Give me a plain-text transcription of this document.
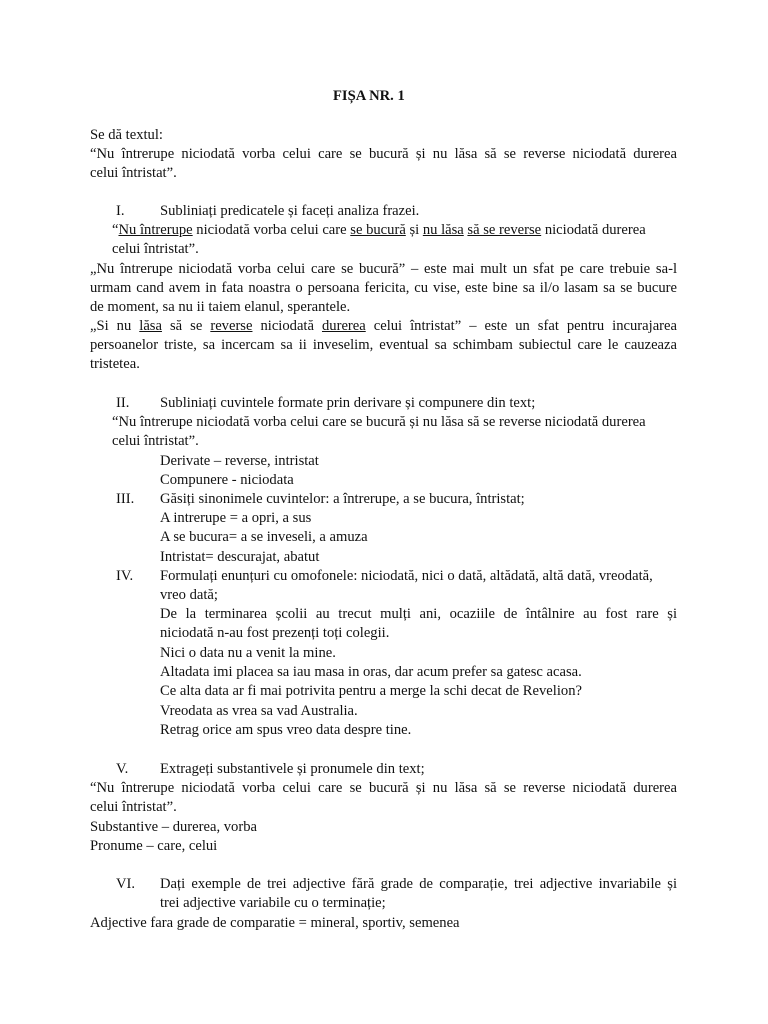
FIȘA NR. 1
Se dă textul:
“Nu întrerupe niciodată vorba celui care se bucură și nu lăsa să se reverse niciodată durerea
celui întristat”.
I. Subliniați predicatele și faceți analiza frazei.
“Nu întrerupe niciodată vorba celui care se bucură și nu lăsa să se reverse niciodată durerea
celui întristat”.
„Nu întrerupe niciodată vorba celui care se bucură” – este mai mult un sfat pe care trebuie sa-l
urmam cand avem in fata noastra o persoana fericita, cu vise, este bine sa il/o lasam sa se bucure
de moment, sa nu ii taiem elanul, sperantele.
„Si nu lăsa să se reverse niciodată durerea celui întristat” – este un sfat pentru incurajarea
persoanelor triste, sa incercam sa ii inveselim, eventual sa schimbam subiectul care le cauzeaza
tristetea.
II. Subliniați cuvintele formate prin derivare și compunere din text;
“Nu întrerupe niciodată vorba celui care se bucură și nu lăsa să se reverse niciodată durerea
celui întristat”.
Derivate – reverse, intristat
Compunere - niciodata
III. Găsiți sinonimele cuvintelor: a întrerupe, a se bucura, întristat;
A intrerupe = a opri, a sus
A se bucura= a se inveseli, a amuza
Intristat= descurajat, abatut
IV. Formulați enunțuri cu omofonele: niciodată, nici o dată, altădată, altă dată, vreodată,
vreo dată;
De la terminarea școlii au trecut mulți ani, ocaziile de întâlnire au fost rare și
niciodată n-au fost prezenți toți colegii.
Nici o data nu a venit la mine.
Altadata imi placea sa iau masa in oras, dar acum prefer sa gatesc acasa.
Ce alta data ar fi mai potrivita pentru a merge la schi decat de Revelion?
Vreodata as vrea sa vad Australia.
Retrag orice am spus vreo data despre tine.
V. Extrageți substantivele și pronumele din text;
“Nu întrerupe niciodată vorba celui care se bucură și nu lăsa să se reverse niciodată durerea
celui întristat”.
Substantive – durerea, vorba
Pronume – care, celui
VI. Dați exemple de trei adjective fără grade de comparație, trei adjective invariabile și
trei adjective variabile cu o terminație;
Adjective fara grade de comparatie = mineral, sportiv, semenea
